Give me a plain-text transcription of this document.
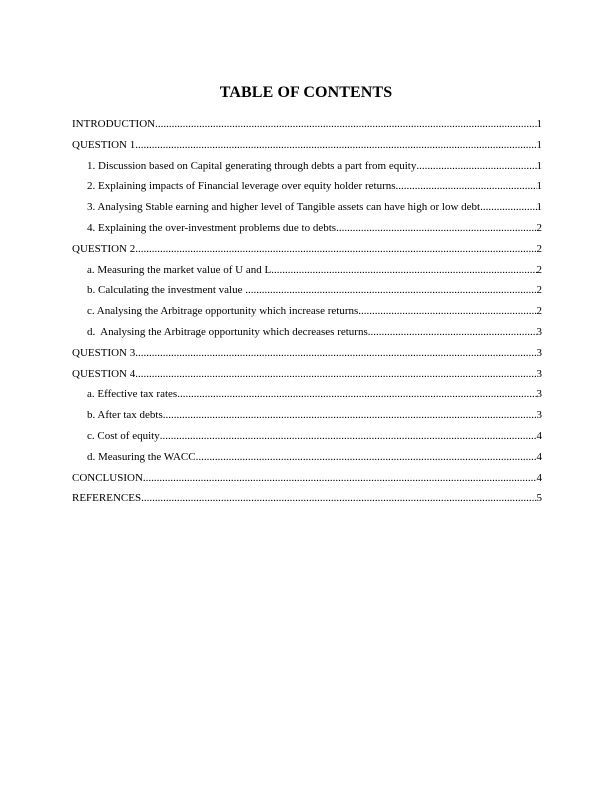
TABLE OF CONTENTS
INTRODUCTION .....	1
QUESTION 1 .....	1
1. Discussion based on Capital generating through debts a part from equity .....	1
2. Explaining impacts of Financial leverage over equity holder returns .....	1
3. Analysing Stable earning and higher level of Tangible assets can have high or low debt .....	1
4. Explaining the over-investment problems due to debts .....	2
QUESTION 2 .....	2
a. Measuring the market value of U and L .....	2
b. Calculating the investment value .....	2
c. Analysing the Arbitrage opportunity which increase returns .....	2
d.  Analysing the Arbitrage opportunity which decreases returns .....	3
QUESTION 3 .....	3
QUESTION 4 .....	3
a. Effective tax rates .....	3
b. After tax debts .....	3
c. Cost of equity .....	4
d. Measuring the WACC .....	4
CONCLUSION .....	4
REFERENCES .....	5
